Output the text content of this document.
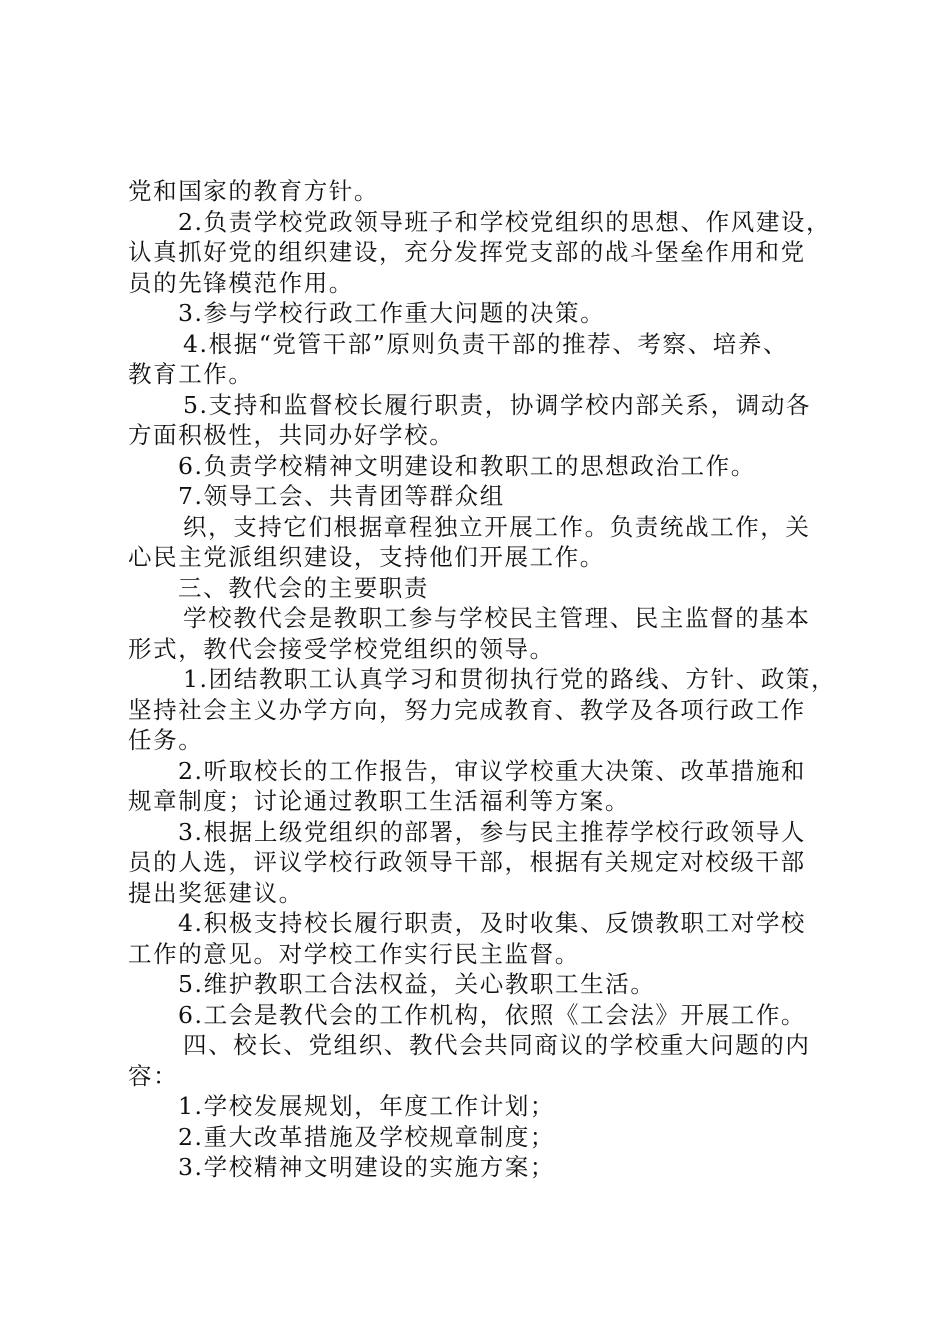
党和国家的教育方针。
2.负责学校党政领导班子和学校党组织的思想、作风建设，
认真抓好党的组织建设，充分发挥党支部的战斗堡垒作用和党
员的先锋模范作用。
3.参与学校行政工作重大问题的决策。
4.根据“党管干部”原则负责干部的推荐、考察、培养、
教育工作。
5.支持和监督校长履行职责，协调学校内部关系，调动各
方面积极性，共同办好学校。
6.负责学校精神文明建设和教职工的思想政治工作。
7.领导工会、共青团等群众组
织，支持它们根据章程独立开展工作。负责统战工作，关
心民主党派组织建设，支持他们开展工作。
三、教代会的主要职责
学校教代会是教职工参与学校民主管理、民主监督的基本
形式，教代会接受学校党组织的领导。
1.团结教职工认真学习和贯彻执行党的路线、方针、政策，
坚持社会主义办学方向，努力完成教育、教学及各项行政工作
任务。
2.听取校长的工作报告，审议学校重大决策、改革措施和
规章制度；讨论通过教职工生活福利等方案。
3.根据上级党组织的部署，参与民主推荐学校行政领导人
员的人选，评议学校行政领导干部，根据有关规定对校级干部
提出奖惩建议。
4.积极支持校长履行职责，及时收集、反馈教职工对学校
工作的意见。对学校工作实行民主监督。
5.维护教职工合法权益，关心教职工生活。
6.工会是教代会的工作机构，依照《工会法》开展工作。
四、校长、党组织、教代会共同商议的学校重大问题的内
容：
1.学校发展规划，年度工作计划；
2.重大改革措施及学校规章制度；
3.学校精神文明建设的实施方案；
